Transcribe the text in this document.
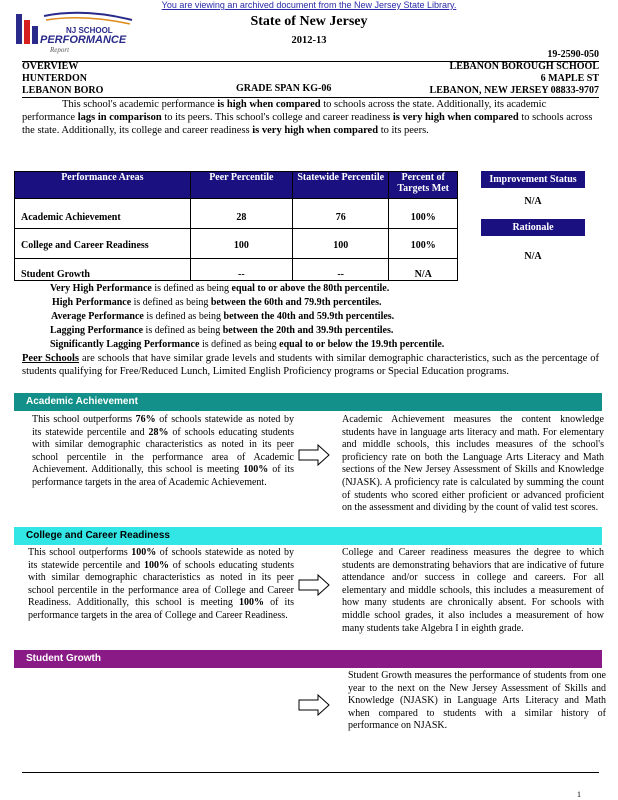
You are viewing an archived document from the New Jersey State Library.
NJ SCHOOL
PERFORMANCE
Report
State of New Jersey
2012-13
19-2590-050
OVERVIEW	LEBANON BOROUGH SCHOOL
HUNTERDON	6 MAPLE ST
LEBANON BORO	GRADE SPAN KG-06	LEBANON, NEW JERSEY 08833-9707
This school's academic performance is high when compared to schools across the state. Additionally, its academic performance lags in comparison to its peers. This school's college and career readiness is very high when compared to schools across the state. Additionally, its college and career readiness is very high when compared to its peers.
Performance Areas	Peer Percentile	Statewide Percentile	Percent of Targets Met
Academic Achievement	28	76	100%

College and Career Readiness	100	100	100%

Student Growth	--	--	N/A
Improvement Status
N/A
Rationale
N/A
Very High Performance is defined as being equal to or above the 80th percentile.
High Performance is defined as being between the 60th and 79.9th percentiles.
Average Performance is defined as being between the 40th and 59.9th percentiles.
Lagging Performance is defined as being between the 20th and 39.9th percentiles.
Significantly Lagging Performance is defined as being equal to or below the 19.9th percentile.
Peer Schools are schools that have similar grade levels and students with similar demographic characteristics, such as the percentage of students qualifying for Free/Reduced Lunch, Limited English Proficiency programs or Special Education programs.
Academic Achievement
This school outperforms 76% of schools statewide as noted by its statewide percentile and 28% of schools educating students with similar demographic characteristics as noted in its peer school percentile in the performance area of Academic Achievement. Additionally, this school is meeting 100% of its performance targets in the area of Academic Achievement.
Academic Achievement measures the content knowledge students have in language arts literacy and math. For elementary and middle schools, this includes measures of the school's proficiency rate on both the Language Arts Literacy and Math sections of the New Jersey Assessment of Skills and Knowledge (NJASK). A proficiency rate is calculated by summing the count of students who scored either proficient or advanced proficient on the assessment and dividing by the count of valid test scores.
College and Career Readiness
This school outperforms 100% of schools statewide as noted by its statewide percentile and 100% of schools educating students with similar demographic characteristics as noted in its peer school percentile in the performance area of College and Career Readiness. Additionally, this school is meeting 100% of its performance targets in the area of College and Career Readiness.
College and Career readiness measures the degree to which students are demonstrating behaviors that are indicative of future attendance and/or success in college and careers. For all elementary and middle schools, this includes a measurement of how many students are chronically absent. For schools with middle school grades, it also includes a measurement of how many students take Algebra I in eighth grade.
Student Growth
Student Growth measures the performance of students from one year to the next on the New Jersey Assessment of Skills and Knowledge (NJASK) in Language Arts Literacy and Math when compared to students with a similar history of performance on NJASK.
1
